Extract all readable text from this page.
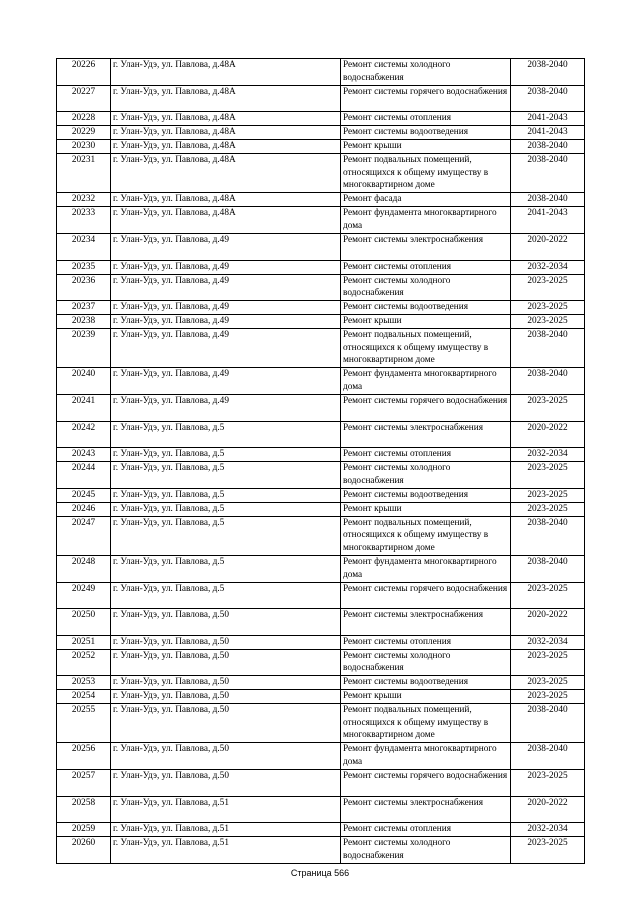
20226	г. Улан-Удэ, ул. Павлова, д.48А	Ремонт системы холодного водоснабжения	2038-2040
20227	г. Улан-Удэ, ул. Павлова, д.48А	Ремонт системы горячего водоснабжения	2038-2040
20228	г. Улан-Удэ, ул. Павлова, д.48А	Ремонт системы отопления	2041-2043
20229	г. Улан-Удэ, ул. Павлова, д.48А	Ремонт системы водоотведения	2041-2043
20230	г. Улан-Удэ, ул. Павлова, д.48А	Ремонт крыши	2038-2040
20231	г. Улан-Удэ, ул. Павлова, д.48А	Ремонт подвальных помещений, относящихся к общему имуществу в многоквартирном доме	2038-2040
20232	г. Улан-Удэ, ул. Павлова, д.48А	Ремонт фасада	2038-2040
20233	г. Улан-Удэ, ул. Павлова, д.48А	Ремонт фундамента многоквартирного дома	2041-2043
20234	г. Улан-Удэ, ул. Павлова, д.49	Ремонт системы электроснабжения	2020-2022
20235	г. Улан-Удэ, ул. Павлова, д.49	Ремонт системы отопления	2032-2034
20236	г. Улан-Удэ, ул. Павлова, д.49	Ремонт системы холодного водоснабжения	2023-2025
20237	г. Улан-Удэ, ул. Павлова, д.49	Ремонт системы водоотведения	2023-2025
20238	г. Улан-Удэ, ул. Павлова, д.49	Ремонт крыши	2023-2025
20239	г. Улан-Удэ, ул. Павлова, д.49	Ремонт подвальных помещений, относящихся к общему имуществу в многоквартирном доме	2038-2040
20240	г. Улан-Удэ, ул. Павлова, д.49	Ремонт фундамента многоквартирного дома	2038-2040
20241	г. Улан-Удэ, ул. Павлова, д.49	Ремонт системы горячего водоснабжения	2023-2025
20242	г. Улан-Удэ, ул. Павлова, д.5	Ремонт системы электроснабжения	2020-2022
20243	г. Улан-Удэ, ул. Павлова, д.5	Ремонт системы отопления	2032-2034
20244	г. Улан-Удэ, ул. Павлова, д.5	Ремонт системы холодного водоснабжения	2023-2025
20245	г. Улан-Удэ, ул. Павлова, д.5	Ремонт системы водоотведения	2023-2025
20246	г. Улан-Удэ, ул. Павлова, д.5	Ремонт крыши	2023-2025
20247	г. Улан-Удэ, ул. Павлова, д.5	Ремонт подвальных помещений, относящихся к общему имуществу в многоквартирном доме	2038-2040
20248	г. Улан-Удэ, ул. Павлова, д.5	Ремонт фундамента многоквартирного дома	2038-2040
20249	г. Улан-Удэ, ул. Павлова, д.5	Ремонт системы горячего водоснабжения	2023-2025
20250	г. Улан-Удэ, ул. Павлова, д.50	Ремонт системы электроснабжения	2020-2022
20251	г. Улан-Удэ, ул. Павлова, д.50	Ремонт системы отопления	2032-2034
20252	г. Улан-Удэ, ул. Павлова, д.50	Ремонт системы холодного водоснабжения	2023-2025
20253	г. Улан-Удэ, ул. Павлова, д.50	Ремонт системы водоотведения	2023-2025
20254	г. Улан-Удэ, ул. Павлова, д.50	Ремонт крыши	2023-2025
20255	г. Улан-Удэ, ул. Павлова, д.50	Ремонт подвальных помещений, относящихся к общему имуществу в многоквартирном доме	2038-2040
20256	г. Улан-Удэ, ул. Павлова, д.50	Ремонт фундамента многоквартирного дома	2038-2040
20257	г. Улан-Удэ, ул. Павлова, д.50	Ремонт системы горячего водоснабжения	2023-2025
20258	г. Улан-Удэ, ул. Павлова, д.51	Ремонт системы электроснабжения	2020-2022
20259	г. Улан-Удэ, ул. Павлова, д.51	Ремонт системы отопления	2032-2034
20260	г. Улан-Удэ, ул. Павлова, д.51	Ремонт системы холодного водоснабжения	2023-2025
Страница 566
